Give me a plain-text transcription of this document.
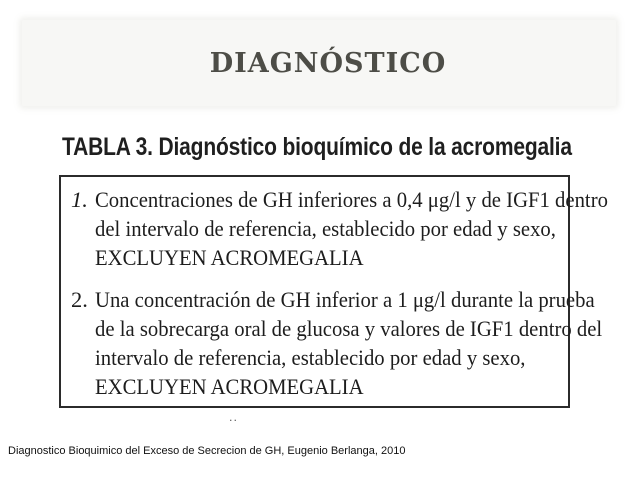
DIAGNÓSTICO
TABLA 3. Diagnóstico bioquímico de la acromegalia
1. Concentraciones de GH inferiores a 0,4 μg/l y de IGF1 dentro
del intervalo de referencia, establecido por edad y sexo,
EXCLUYEN ACROMEGALIA
2. Una concentración de GH inferior a 1 μg/l durante la prueba
de la sobrecarga oral de glucosa y valores de IGF1 dentro del
intervalo de referencia, establecido por edad y sexo,
EXCLUYEN ACROMEGALIA
..
Diagnostico Bioquimico del Exceso de Secrecion de GH, Eugenio Berlanga, 2010
